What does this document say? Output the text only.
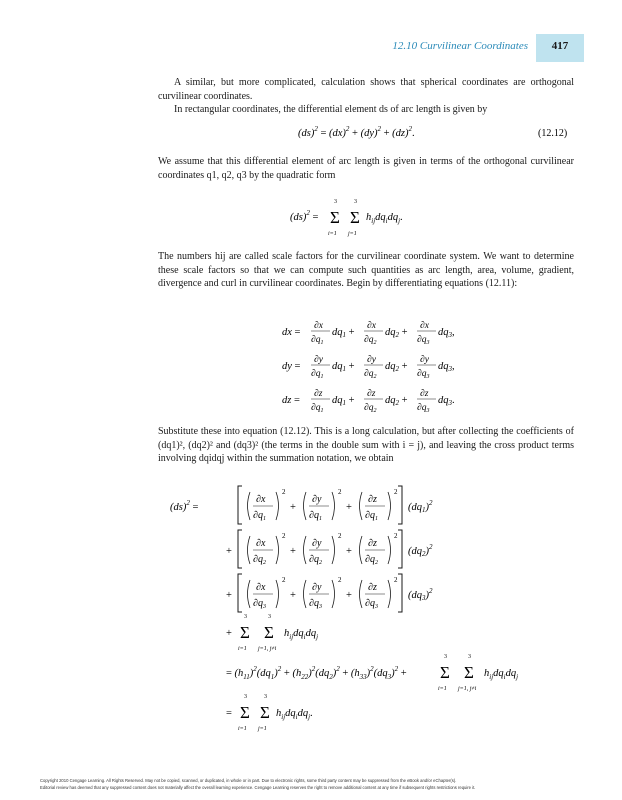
12.10 Curvilinear Coordinates	417

A similar, but more complicated, calculation shows that spherical coordinates are orthogonal curvilinear coordinates.

In rectangular coordinates, the differential element ds of arc length is given by

(ds)$^2$ = (dx)$^2$ + (dy)$^2$ + (dz)$^2$.	(12.12)

We assume that this differential element of arc length is given in terms of the orthogonal curvilinear coordinates q1, q2, q3 by the quadratic form

(ds)$^2$ =
3
Σ
i=1
3
Σ
j=1
$h_{ij}dq_idq_j$.

The numbers hij are called scale factors for the curvilinear coordinate system. We want to determine these scale factors so that we can compute such quantities as arc length, area, volume, gradient, divergence and curl in curvilinear coordinates. Begin by differentiating equations (12.11):

dx =
∂x
$\partial q_1$
dq1 +
∂x
$\partial q_2$
dq2 +
∂x
$\partial q_3$
dq3,
dy =
∂y
$\partial q_1$
dq1 +
∂y
$\partial q_2$
dq2 +
∂y
$\partial q_3$
dq3,
dz =
∂z
$\partial q_1$
dq1 +
∂z
$\partial q_2$
dq2 +
∂z
$\partial q_3$
dq3.

Substitute these into equation (12.12). This is a long calculation, but after collecting the coefficients of (dq1)², (dq2)² and (dq3)² (the terms in the double sum with i = j), and leaving the cross product terms involving dqidqj within the summation notation, we obtain

(ds)$^2$ =
∂x
$\partial q_1$
2
+
∂y
$\partial q_1$
2
+
∂z
$\partial q_1$
2
$(dq1)^2$
+
∂x
$\partial q_2$
2
+
∂y
$\partial q_2$
2
+
∂z
$\partial q_2$
2
$(dq2)^2$
+
∂x
$\partial q_3$
2
+
∂y
$\partial q_3$
2
+
∂z
$\partial q_3$
2
$(dq3)^2$
+
3
Σ
i=1
3
Σ
j=1, j≠i
$h_{ij}dq_idq_j$
= $(h_{11})^2(dq_1)^2 + (h_{22})^2(dq_2)^2 + (h_{33})^2(dq_3)^2$ +
3
Σ
i=1
3
Σ
j=1, j≠i
$h_{ij}dq_idq_j$
=
3
Σ
i=1
3
Σ
j=1
$h_{ij}dq_idq_j$.
Copyright 2010 Cengage Learning. All Rights Reserved. May not be copied, scanned, or duplicated, in whole or in part. Due to electronic rights, some third party content may be suppressed from the eBook and/or eChapter(s).
Editorial review has deemed that any suppressed content does not materially affect the overall learning experience. Cengage Learning reserves the right to remove additional content at any time if subsequent rights restrictions require it.
